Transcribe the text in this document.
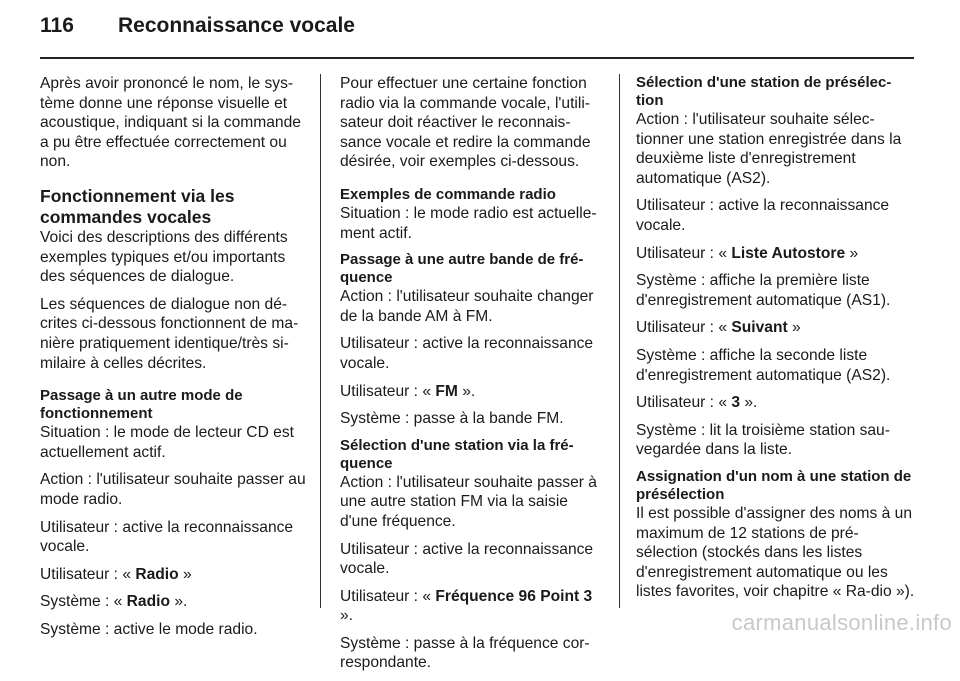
116 Reconnaissance vocale

Après avoir prononcé le nom, le sys-tème donne une réponse visuelle et acoustique, indiquant si la commande a pu être effectuée correctement ou non.

Fonctionnement via les commandes vocales

Voici des descriptions des différents exemples typiques et/ou importants des séquences de dialogue.

Les séquences de dialogue non dé-crites ci-dessous fonctionnent de ma-nière pratiquement identique/très si-milaire à celles décrites.

Passage à un autre mode de fonctionnement

Situation : le mode de lecteur CD est actuellement actif.

Action : l'utilisateur souhaite passer au mode radio.

Utilisateur : active la reconnaissance vocale.

Utilisateur : « Radio »

Système : « Radio ».

Système : active le mode radio.

Pour effectuer une certaine fonction radio via la commande vocale, l'utili-sateur doit réactiver le reconnais-sance vocale et redire la commande désirée, voir exemples ci-dessous.

Exemples de commande radio

Situation : le mode radio est actuelle-ment actif.

Passage à une autre bande de fré-quence

Action : l'utilisateur souhaite changer de la bande AM à FM.

Utilisateur : active la reconnaissance vocale.

Utilisateur : « FM ».

Système : passe à la bande FM.

Sélection d'une station via la fré-quence

Action : l'utilisateur souhaite passer à une autre station FM via la saisie d'une fréquence.

Utilisateur : active la reconnaissance vocale.

Utilisateur : « Fréquence 96 Point 3 ».

Système : passe à la fréquence cor-respondante.

Sélection d'une station de présélec-tion

Action : l'utilisateur souhaite sélec-tionner une station enregistrée dans la deuxième liste d'enregistrement automatique (AS2).

Utilisateur : active la reconnaissance vocale.

Utilisateur : « Liste Autostore »

Système : affiche la première liste d'enregistrement automatique (AS1).

Utilisateur : « Suivant »

Système : affiche la seconde liste d'enregistrement automatique (AS2).

Utilisateur : « 3 ».

Système : lit la troisième station sau-vegardée dans la liste.

Assignation d'un nom à une station de présélection

Il est possible d'assigner des noms à un maximum de 12 stations de pré-sélection (stockés dans les listes d'enregistrement automatique ou les listes favorites, voir chapitre « Ra-dio »).

carmanualsonline.info
